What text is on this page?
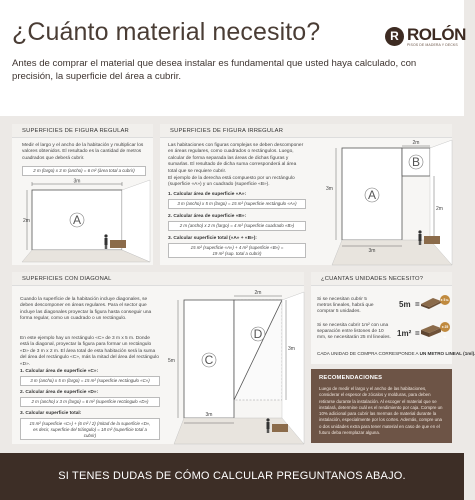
¿Cuánto material necesito?	R ROLÓN
PISOS DE MADERA Y DECKS
Antes de comprar el material que desea instalar es fundamental que usted haya calculado, con precisión, la superficie del área a cubrir.
SUPERFICIES DE FIGURA REGULAR
Medir el largo y el ancho de la habitación y multiplicar los valores obtenidos. El resultado es la cantidad de metros cuadrados que deberá cubrir.
2 m (largo) x 3 m (ancho) = 6 m² (área total a cubrir)
3m
2m	A
SUPERFICIES DE FIGURA IRREGULAR
Las habitaciones con figuras complejas se deben descomponer en áreas regulares, como cuadrados o rectángulos. Luego, calcular de forma separada las áreas de dichas figuras y sumarlas. El resultado de dicha suma corresponderá al área total que se requiere cubrir.
El ejemplo de la derecha está compuesto por un rectángulo (superficie «A») y un cuadrado (superficie «B»).
1. Calcular área de superficie «A»:
3 m (ancho) x 5 m (largo) = 15 m² (superficie rectángulo «A»)
2. Calcular área de superficie «B»:
2 m (ancho) x 2 m (largo) = 4 m² (superficie cuadrado «B»)
3. Calcular superficie total («A» + «B»):
15 m² (superficie «A») + 4 m² (superficie «B») =
19 m² (sup. total a cubrir)
2m
3m
2m
3m
A
B
SUPERFICIES CON DIAGONAL
Cuando la superficie de la habitación incluye diagonales, se deben descomponer en áreas regulares. Para el sector que incluye las diagonales proyectar la figura hasta conseguir una forma regular, como un cuadrado o un rectángulo.
En este ejemplo hay un rectángulo «C» de 3 m x 5 m. Donde está la diagonal, proyectar la figura para formar un rectángulo «D» de 3 m x 2 m. El área total de esta habitación será la suma del área del rectángulo «C», más la mitad del área del rectángulo «D».
1. Calcular área de superficie «C»:
3 m (ancho) x 5 m (largo) = 15 m² (superficie rectángulo «C»)
2. Calcular área de superficie «D»:
2 m (ancho) x 3 m (largo) = 6 m² (superficie rectángulo «D»)
3. Calcular superficie total:
15 m² (superficie «C») + (6 m² / 2) (mitad de la superficie «D», es decir, superficie del triángulo) = 18 m² (superficie total a cubrir)
2m
5m
3m
3m
C
D
¿CUANTAS UNIDADES NECESITO?
Si se necesitan cubrir 5 metros lineales, habrá que comprar 5 unidades.
5m =	x 5 u.
Si se necesita cubrir 1m² con una separación entre listones de 10 mm, se necesitarán 25 ml lineales. 1m² =
x 25 u.
CADA UNIDAD DE COMPRA CORRESPONDE A UN METRO LINEAL (1ml).
RECOMENDACIONES
Luego de medir el largo y el ancho de las habitaciones, considerar el espesor de zócalos y molduras, para deben retirarse durante la instalación. Al escoger el material que se instalará, determine cuál es el rendimiento por caja. Compre un 10% adicional para cubrir las mermas de material durante la instalación, especialmente por los cortes. Además, compre una o dos unidades extra para tener material en caso de que en el futuro deba reemplazar alguna.
SI TENES DUDAS DE CÓMO CALCULAR PREGUNTANOS ABAJO.
